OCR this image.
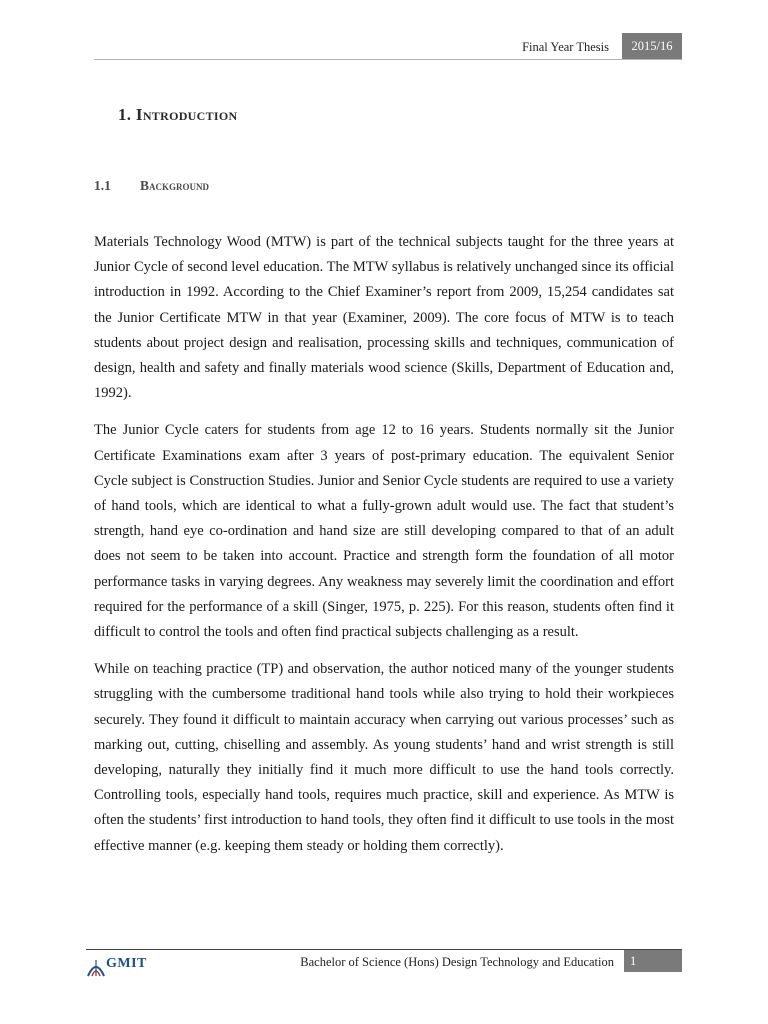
Final Year Thesis	2015/16
1. Introduction
1.1 Background

Materials Technology Wood (MTW) is part of the technical subjects taught for the three years at Junior Cycle of second level education. The MTW syllabus is relatively unchanged since its official introduction in 1992. According to the Chief Examiner’s report from 2009, 15,254 candidates sat the Junior Certificate MTW in that year (Examiner, 2009). The core focus of MTW is to teach students about project design and realisation, processing skills and techniques, communication of design, health and safety and finally materials wood science (Skills, Department of Education and, 1992).

The Junior Cycle caters for students from age 12 to 16 years. Students normally sit the Junior Certificate Examinations exam after 3 years of post-primary education. The equivalent Senior Cycle subject is Construction Studies. Junior and Senior Cycle students are required to use a variety of hand tools, which are identical to what a fully-grown adult would use. The fact that student’s strength, hand eye co-ordination and hand size are still developing compared to that of an adult does not seem to be taken into account. Practice and strength form the foundation of all motor performance tasks in varying degrees. Any weakness may severely limit the coordination and effort required for the performance of a skill (Singer, 1975, p. 225). For this reason, students often find it difficult to control the tools and often find practical subjects challenging as a result.

While on teaching practice (TP) and observation, the author noticed many of the younger students struggling with the cumbersome traditional hand tools while also trying to hold their workpieces securely. They found it difficult to maintain accuracy when carrying out various processes’ such as marking out, cutting, chiselling and assembly. As young students’ hand and wrist strength is still developing, naturally they initially find it much more difficult to use the hand tools correctly. Controlling tools, especially hand tools, requires much practice, skill and experience. As MTW is often the students’ first introduction to hand tools, they often find it difficult to use tools in the most effective manner (e.g. keeping them steady or holding them correctly).

GMIT	Bachelor of Science (Hons) Design Technology and Education	1
